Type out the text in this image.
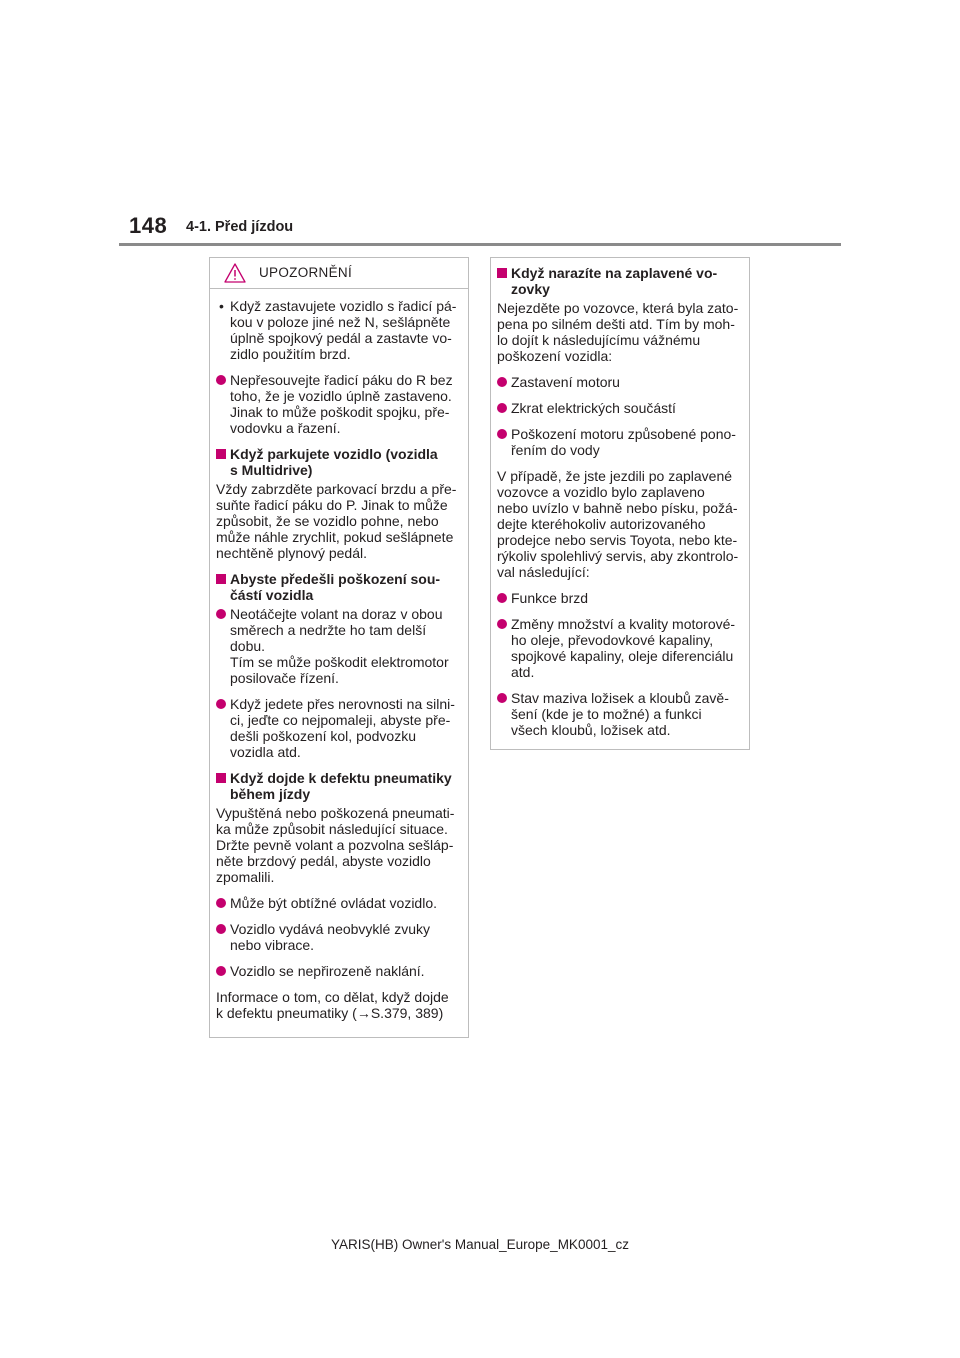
148 4-1. Před jízdou
UPOZORNĚNÍ
• Když zastavujete vozidlo s řadicí pá-
kou v poloze jiné než N, sešlápněte
úplně spojkový pedál a zastavte vo-
zidlo použitím brzd.
Nepřesouvejte řadicí páku do R bez
toho, že je vozidlo úplně zastaveno.
Jinak to může poškodit spojku, pře-
vodovku a řazení.
Když parkujete vozidlo (vozidla
s Multidrive)
Vždy zabrzděte parkovací brzdu a pře-
suňte řadicí páku do P. Jinak to může
způsobit, že se vozidlo pohne, nebo
může náhle zrychlit, pokud sešlápnete
nechtěně plynový pedál.
Abyste předešli poškození sou-
částí vozidla
Neotáčejte volant na doraz v obou
směrech a nedržte ho tam delší
dobu.
Tím se může poškodit elektromotor
posilovače řízení.
Když jedete přes nerovnosti na silni-
ci, jeďte co nejpomaleji, abyste pře-
dešli poškození kol, podvozku
vozidla atd.
Když dojde k defektu pneumatiky
během jízdy
Vypuštěná nebo poškozená pneumati-
ka může způsobit následující situace.
Držte pevně volant a pozvolna sešláp-
něte brzdový pedál, abyste vozidlo
zpomalili.
Může být obtížné ovládat vozidlo.
Vozidlo vydává neobvyklé zvuky
nebo vibrace.
Vozidlo se nepřirozeně naklání.
Informace o tom, co dělat, když dojde
k defektu pneumatiky (→S.379, 389)
Když narazíte na zaplavené vo-
zovky
Nejezděte po vozovce, která byla zato-
pena po silném dešti atd. Tím by moh-
lo dojít k následujícímu vážnému
poškození vozidla:
Zastavení motoru
Zkrat elektrických součástí
Poškození motoru způsobené pono-
řením do vody
V případě, že jste jezdili po zaplavené
vozovce a vozidlo bylo zaplaveno
nebo uvízlo v bahně nebo písku, požá-
dejte kteréhokoliv autorizovaného
prodejce nebo servis Toyota, nebo kte-
rýkoliv spolehlivý servis, aby zkontrolo-
val následující:
Funkce brzd
Změny množství a kvality motorové-
ho oleje, převodovkové kapaliny,
spojkové kapaliny, oleje diferenciálu
atd.
Stav maziva ložisek a kloubů zavě-
šení (kde je to možné) a funkci
všech kloubů, ložisek atd.
YARIS(HB) Owner's Manual_Europe_MK0001_cz
